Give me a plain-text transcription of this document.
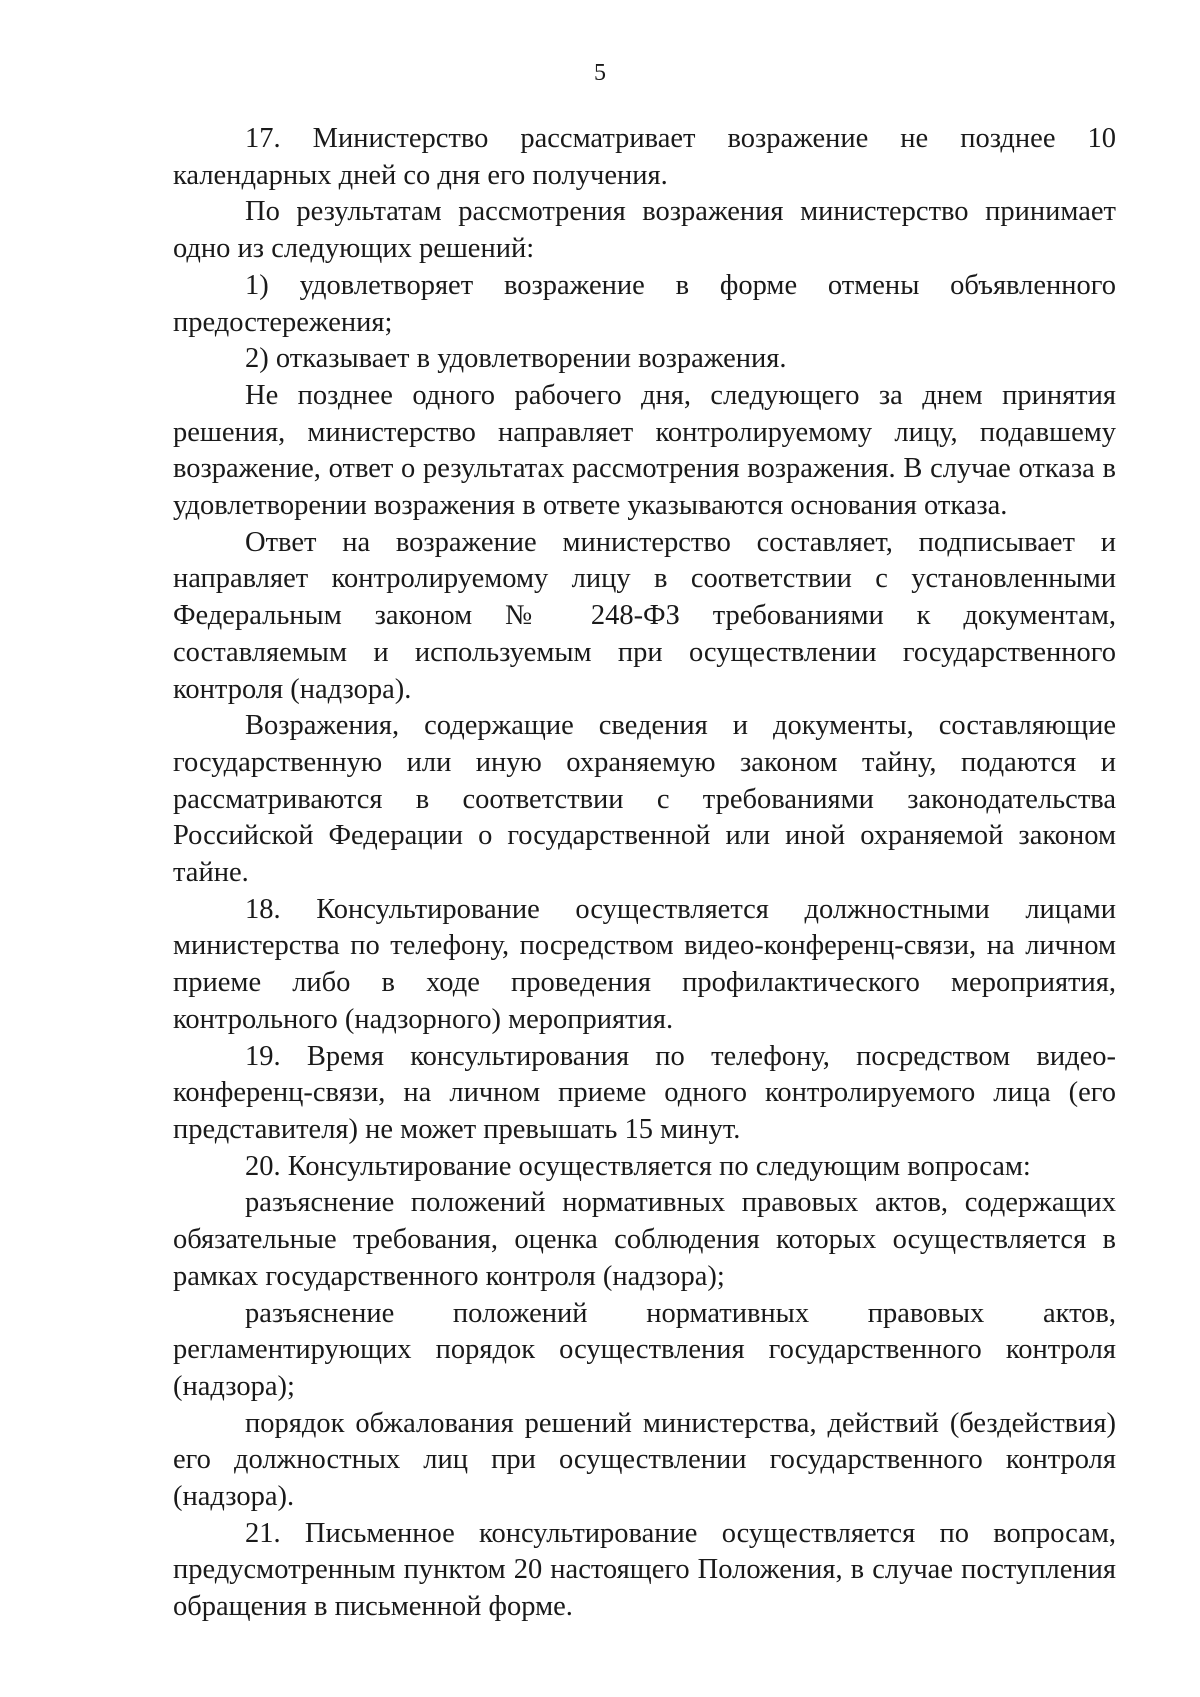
5

17. Министерство рассматривает возражение не позднее 10 календарных дней со дня его получения.

По результатам рассмотрения возражения министерство принимает одно из следующих решений:

1) удовлетворяет возражение в форме отмены объявленного предостережения;

2) отказывает в удовлетворении возражения.

Не позднее одного рабочего дня, следующего за днем принятия решения, министерство направляет контролируемому лицу, подавшему возражение, ответ о результатах рассмотрения возражения. В случае отказа в удовлетворении возражения в ответе указываются основания отказа.

Ответ на возражение министерство составляет, подписывает и направляет контролируемому лицу в соответствии с установленными Федеральным законом № 248-ФЗ требованиями к документам, составляемым и используемым при осуществлении государственного контроля (надзора).

Возражения, содержащие сведения и документы, составляющие государственную или иную охраняемую законом тайну, подаются и рассматриваются в соответствии с требованиями законодательства Российской Федерации о государственной или иной охраняемой законом тайне.

18. Консультирование осуществляется должностными лицами министерства по телефону, посредством видео-конференц-связи, на личном приеме либо в ходе проведения профилактического мероприятия, контрольного (надзорного) мероприятия.

19. Время консультирования по телефону, посредством видео-конференц-связи, на личном приеме одного контролируемого лица (его представителя) не может превышать 15 минут.

20. Консультирование осуществляется по следующим вопросам:

разъяснение положений нормативных правовых актов, содержащих обязательные требования, оценка соблюдения которых осуществляется в рамках государственного контроля (надзора);

разъяснение положений нормативных правовых актов, регламентирующих порядок осуществления государственного контроля (надзора);

порядок обжалования решений министерства, действий (бездействия) его должностных лиц при осуществлении государственного контроля (надзора).

21. Письменное консультирование осуществляется по вопросам, предусмотренным пунктом 20 настоящего Положения, в случае поступления обращения в письменной форме.
